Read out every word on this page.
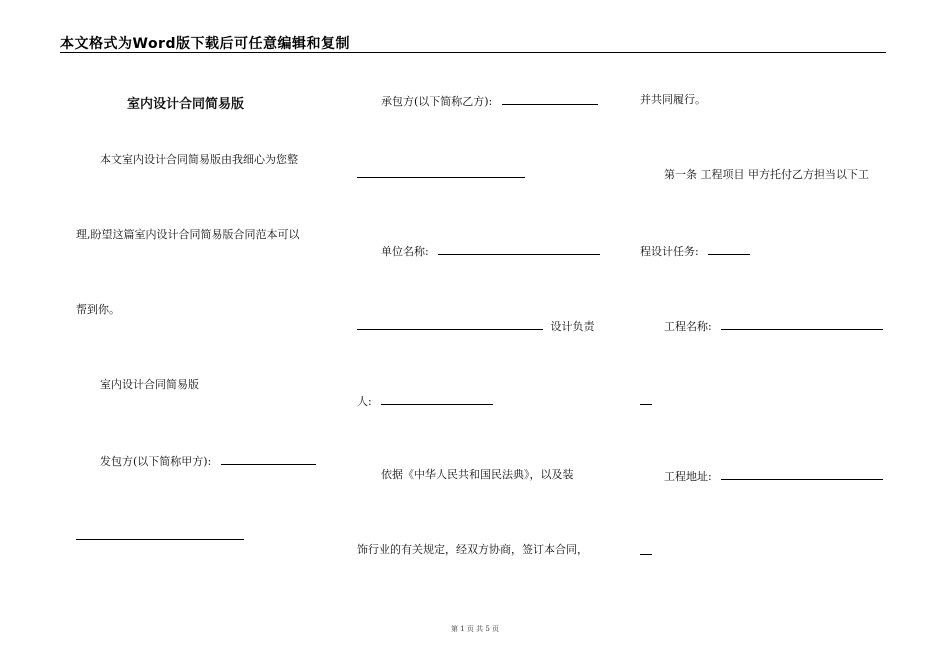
本文格式为Word版下载后可任意编辑和复制
室内设计合同简易版
本文室内设计合同简易版由我细心为您整
理,盼望这篇室内设计合同简易版合同范本可以
帮到你。
室内设计合同简易版
发包方(以下简称甲方):
承包方(以下简称乙方):
单位名称:
设计负责
人:
依据《中华人民共和国民法典》，以及装
饰行业的有关规定，经双方协商，签订本合同，
并共同履行。
第一条 工程项目 甲方托付乙方担当以下工
程设计任务:
工程名称:
工程地址:
第 1 页 共 5 页
